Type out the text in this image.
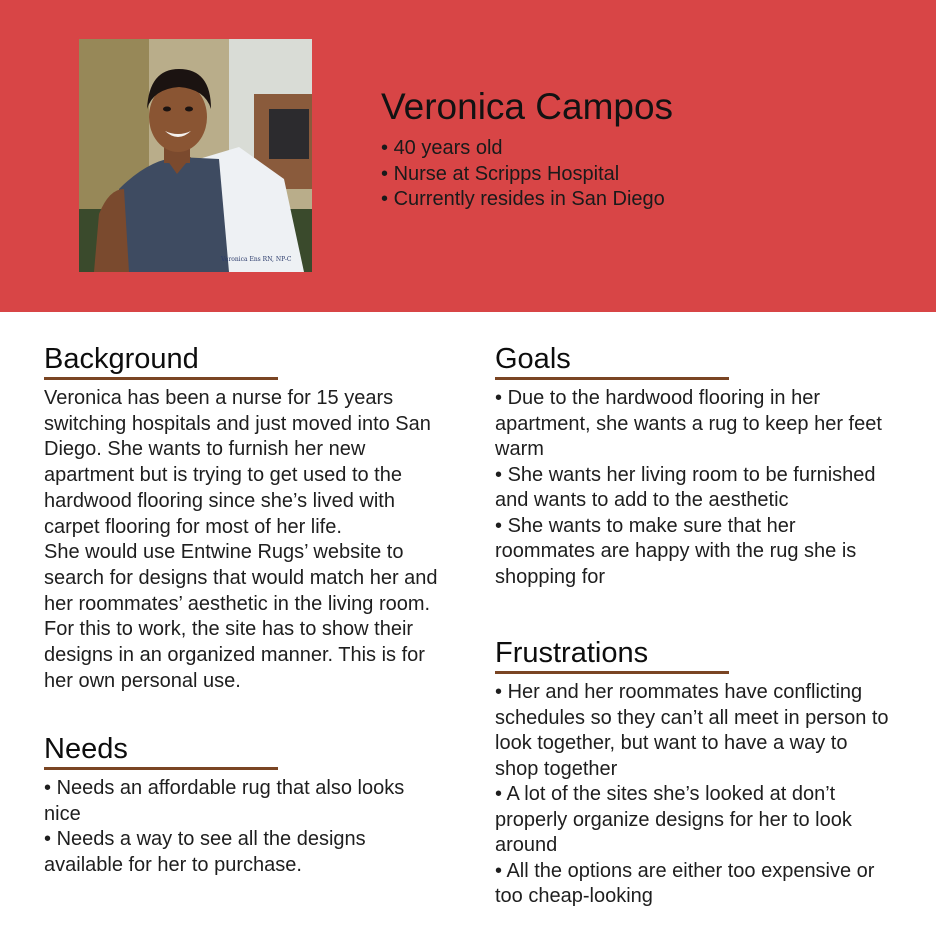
Veronica Ens RN, NP-C
Veronica Campos
• 40 years old
• Nurse at Scripps Hospital
• Currently resides in San Diego
Background

Veronica has been a nurse for 15 years switching hospitals and just moved into San Diego. She wants to furnish her new apartment but is trying to get used to the hardwood flooring since she’s lived with carpet flooring for most of her life.

She would use Entwine Rugs’ website to search for designs that would match her and her roommates’ aesthetic in the living room. For this to work, the site has to show their designs in an organized manner. This is for her own personal use.

Needs
• Needs an affordable rug that also looks nice
• Needs a way to see all the designs available for her to purchase.
Goals
• Due to the hardwood flooring in her apartment, she wants a rug to keep her feet warm
• She wants her living room to be furnished and wants to add to the aesthetic
• She wants to make sure that her roommates are happy with the rug she is shopping for
Frustrations
• Her and her roommates have conflicting schedules so they can’t all meet in person to look together, but want to have a way to shop together
• A lot of the sites she’s looked at don’t properly organize designs for her to look around
• All the options are either too expensive or too cheap-looking
